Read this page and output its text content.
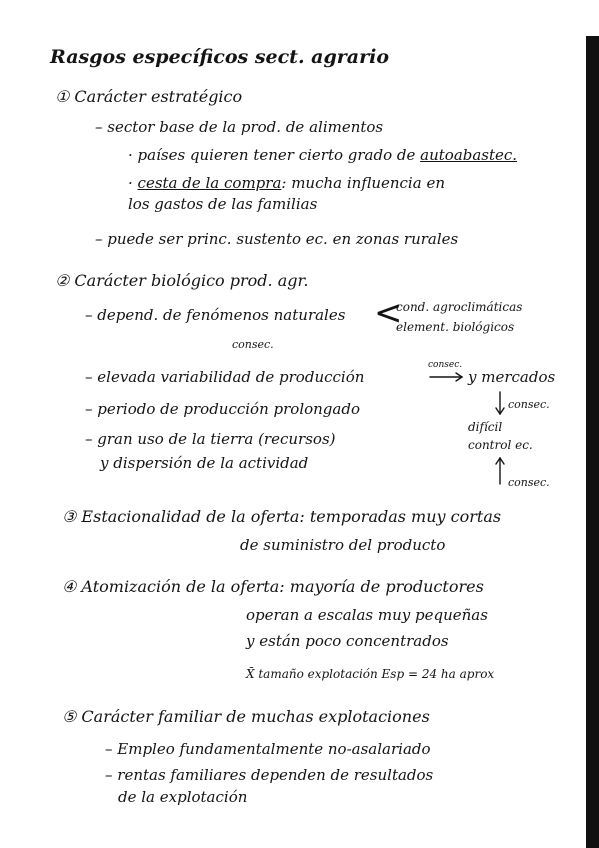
Rasgos específicos sect. agrario
① Carácter estratégico
– sector base de la prod. de alimentos
· países quieren tener cierto grado de autoabastec.
· cesta de la compra: mucha influencia en
los gastos de las familias
– puede ser princ. sustento ec. en zonas rurales
② Carácter biológico prod. agr.
– depend. de fenómenos naturales <
cond. agroclimáticas
element. biológicos
consec.
– elevada variabilidad de producción
consec.
y mercados
consec.
– periodo de producción prolongado
difícil
control ec.
– gran uso de la tierra (recursos)
y dispersión de la actividad
consec.
③ Estacionalidad de la oferta: temporadas muy cortas
de suministro del producto
④ Atomización de la oferta: mayoría de productores
operan a escalas muy pequeñas
y están poco concentrados
X̄ tamaño explotación Esp = 24 ha aprox
⑤ Carácter familiar de muchas explotaciones
– Empleo fundamentalmente no-asalariado
– rentas familiares dependen de resultados
de la explotación
